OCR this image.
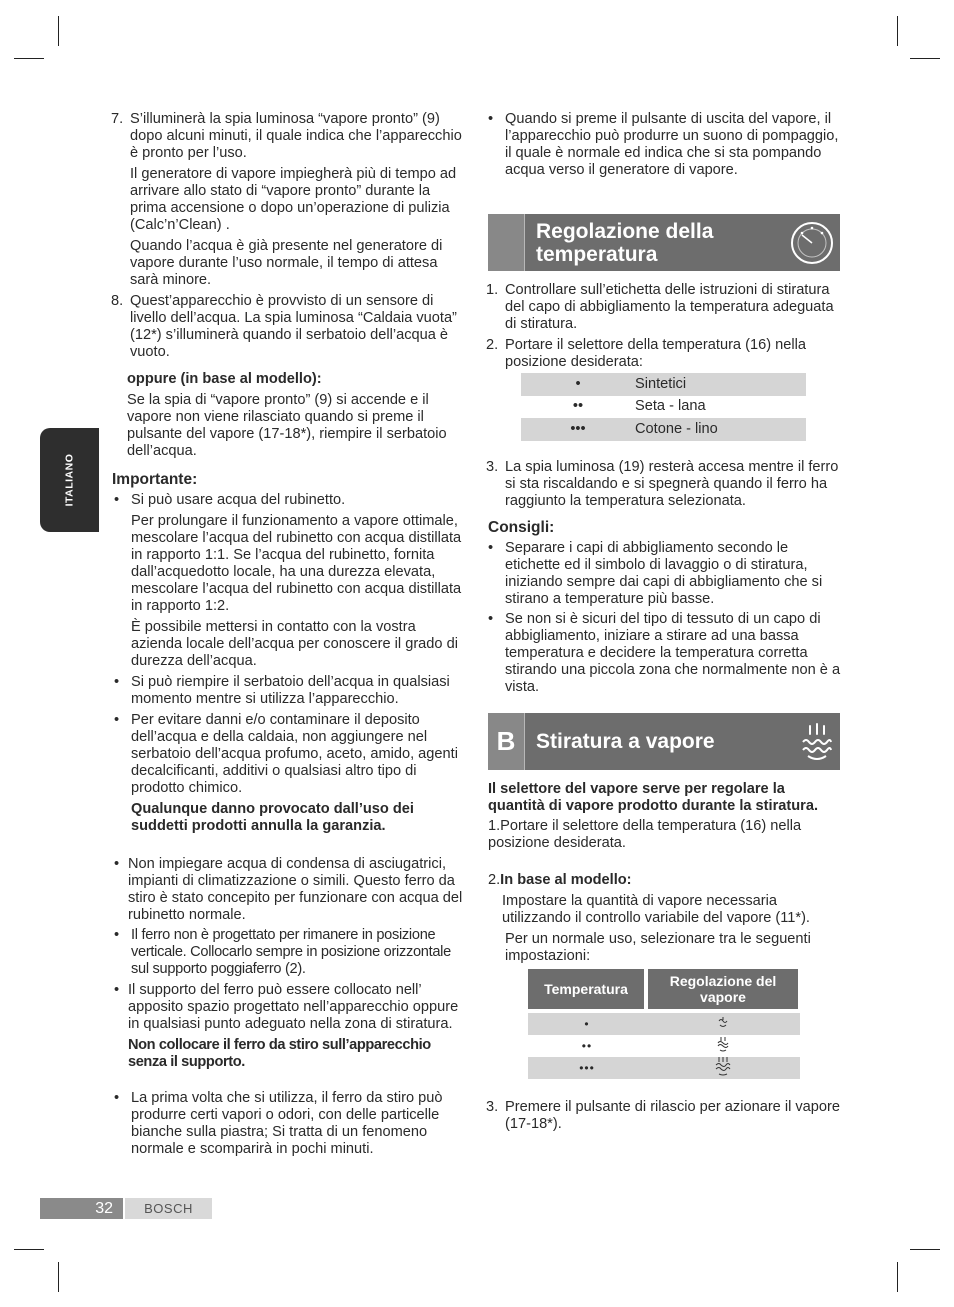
ITALIANO
7. S’illuminerà la spia luminosa “vapore pronto” (9) dopo alcuni minuti, il quale indica che l’apparecchio è pronto per l’uso.

Il generatore di vapore impiegherà più di tempo ad arrivare allo stato di “vapore pronto” durante la prima accensione o dopo un’operazione di pulizia (Calc’n’Clean) .

Quando l’acqua è già presente nel generatore di vapore durante l’uso normale, il tempo di attesa sarà minore.

8. Quest’apparecchio è provvisto di un sensore di livello dell’acqua. La spia luminosa “Caldaia vuota” (12*) s’illuminerà quando il serbatoio dell’acqua è vuoto.

oppure (in base al modello):

Se la spia di “vapore pronto” (9) si accende e il vapore non viene rilasciato quando si preme il pulsante del vapore (17-18*), riempire il serbatoio dell’acqua.

Importante:
• Si può usare acqua del rubinetto.

Per prolungare il funzionamento a vapore ottimale, mescolare l’acqua del rubinetto con acqua distillata in rapporto 1:1. Se l’acqua del rubinetto, fornita dall’acquedotto locale, ha una durezza elevata, mescolare l’acqua del rubinetto con acqua distillata in rapporto 1:2.

È possibile mettersi in contatto con la vostra azienda locale dell’acqua per conoscere il grado di durezza dell’acqua.

• Si può riempire il serbatoio dell’acqua in qualsiasi momento mentre si utilizza l’apparecchio.

• Per evitare danni e/o contaminare il deposito dell’acqua e della caldaia, non aggiungere nel serbatoio dell’acqua profumo, aceto, amido, agenti decalcificanti, additivi o qualsiasi altro tipo di prodotto chimico.

Qualunque danno provocato dall’uso dei suddetti prodotti annulla la garanzia.

• Non impiegare acqua di condensa di asciugatrici, impianti di climatizzazione o simili. Questo ferro da stiro è stato concepito per funzionare con acqua del rubinetto normale.

• Il ferro non è progettato per rimanere in posizione verticale. Collocarlo sempre in posizione orizzontale sul supporto poggiaferro (2).

• Il supporto del ferro può essere collocato nell’ apposito spazio progettato nell’apparecchio oppure in qualsiasi punto adeguato nella zona di stiratura.

Non collocare il ferro da stiro sull’apparecchio senza il supporto.

• La prima volta che si utilizza, il ferro da stiro può produrre certi vapori o odori, con delle particelle bianche sulla piastra; Si tratta di un fenomeno normale e scomparirà in pochi minuti.

• Quando si preme il pulsante di uscita del vapore, il l’apparecchio può produrre un suono di pompaggio, il quale è normale ed indica che si sta pompando acqua verso il generatore di vapore.

Regolazione della temperatura
1. Controllare sull’etichetta delle istruzioni di stiratura del capo di abbigliamento la temperatura adeguata di stiratura.

2. Portare il selettore della temperatura (16) nella posizione desiderata:

•	Sintetici
••	Seta - lana
•••	Cotone - lino
3. La spia luminosa (19) resterà accesa mentre il ferro si sta riscaldando e si spegnerà quando il ferro ha raggiunto la temperatura selezionata.

Consigli:
• Separare i capi di abbigliamento secondo le etichette ed il simbolo di lavaggio o di stiratura, iniziando sempre dai capi di abbigliamento che si stirano a temperature più basse.

• Se non si è sicuri del tipo di tessuto di un capo di abbigliamento, iniziare a stirare ad una bassa temperatura e decidere la temperatura corretta stirando una piccola zona che normalmente non è a vista.

B Stiratura a vapore

Il selettore del vapore serve per regolare la quantità di vapore prodotto durante la stiratura.

1.Portare il selettore della temperatura (16) nella posizione desiderata.

2.In base al modello:

Impostare la quantità di vapore necessaria utilizzando il controllo variabile del vapore (11*).

Per un normale uso, selezionare tra le seguenti impostazioni:

Temperatura	Regolazione del vapore
•
••
•••
3. Premere il pulsante di rilascio per azionare il vapore (17-18*).

32	BOSCH
